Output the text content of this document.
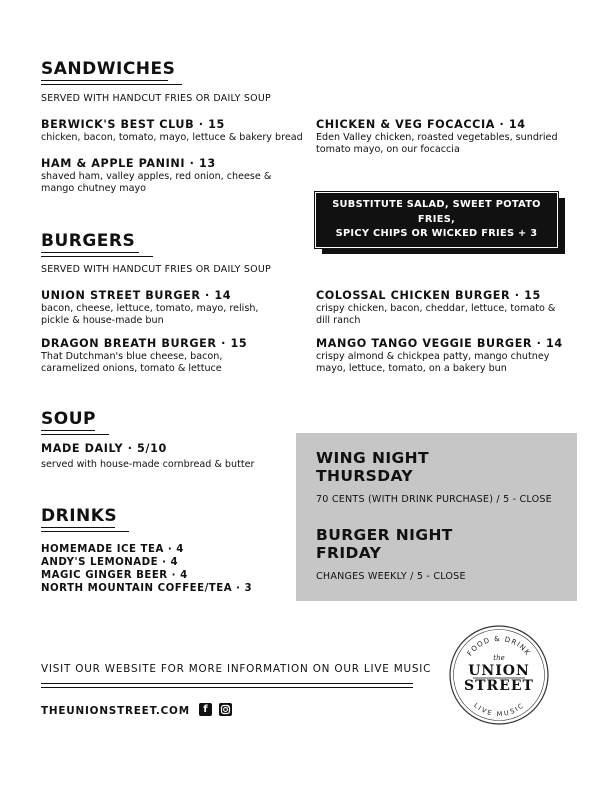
SANDWICHES
SERVED WITH HANDCUT FRIES OR DAILY SOUP
BERWICK'S BEST CLUB · 15
chicken, bacon, tomato, mayo, lettuce & bakery bread
HAM & APPLE PANINI · 13
shaved ham, valley apples, red onion, cheese & mango chutney mayo
CHICKEN & VEG FOCACCIA · 14
Eden Valley chicken, roasted vegetables, sundried tomato mayo, on our focaccia
SUBSTITUTE SALAD, SWEET POTATO FRIES,
SPICY CHIPS OR WICKED FRIES + 3
BURGERS
SERVED WITH HANDCUT FRIES OR DAILY SOUP
UNION STREET BURGER · 14
bacon, cheese, lettuce, tomato, mayo, relish, pickle & house-made bun
DRAGON BREATH BURGER · 15
That Dutchman's blue cheese, bacon, caramelized onions, tomato & lettuce
COLOSSAL CHICKEN BURGER · 15
crispy chicken, bacon, cheddar, lettuce, tomato & dill ranch
MANGO TANGO VEGGIE BURGER · 14
crispy almond & chickpea patty, mango chutney mayo, lettuce, tomato, on a bakery bun
SOUP
MADE DAILY · 5/10
served with house-made cornbread & butter
DRINKS
HOMEMADE ICE TEA · 4
ANDY'S LEMONADE · 4
MAGIC GINGER BEER · 4
NORTH MOUNTAIN COFFEE/TEA · 3
WING NIGHT
THURSDAY
70 CENTS (WITH DRINK PURCHASE) / 5 - CLOSE
BURGER NIGHT
FRIDAY
CHANGES WEEKLY / 5 - CLOSE
VISIT OUR WEBSITE FOR MORE INFORMATION ON OUR LIVE MUSIC
THEUNIONSTREET.COM f
FOOD & DRINK
LIVE MUSIC
the
UNION
STREET
